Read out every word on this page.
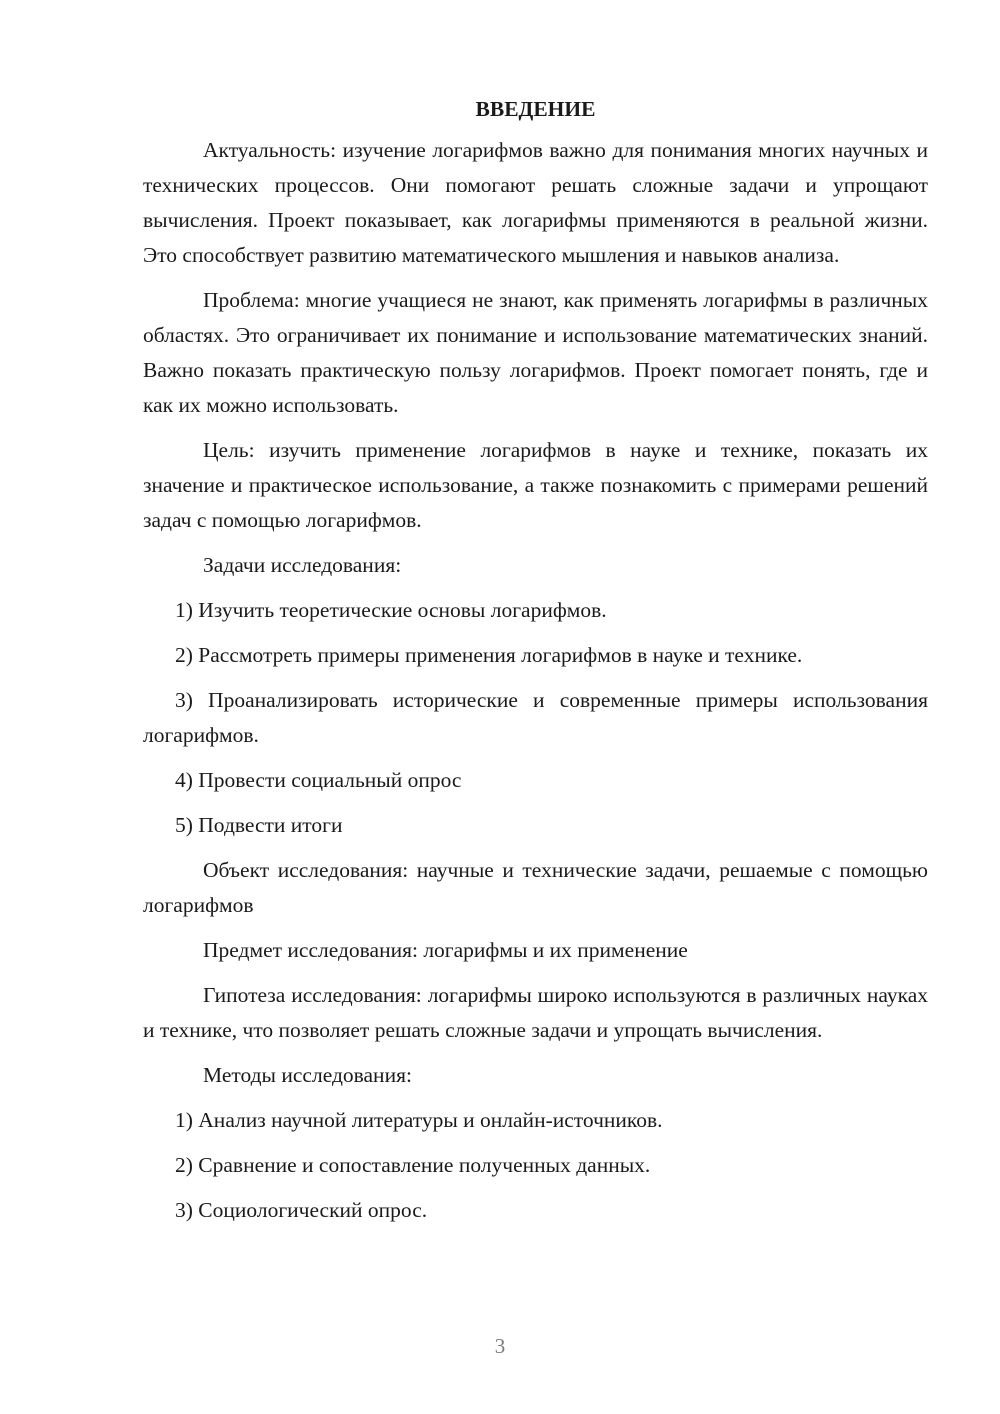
ВВЕДЕНИЕ

Актуальность: изучение логарифмов важно для понимания многих научных и технических процессов. Они помогают решать сложные задачи и упрощают вычисления. Проект показывает, как логарифмы применяются в реальной жизни. Это способствует развитию математического мышления и навыков анализа.

Проблема: многие учащиеся не знают, как применять логарифмы в различных областях. Это ограничивает их понимание и использование математических знаний. Важно показать практическую пользу логарифмов. Проект помогает понять, где и как их можно использовать.

Цель: изучить применение логарифмов в науке и технике, показать их значение и практическое использование, а также познакомить с примерами решений задач с помощью логарифмов.

Задачи исследования:

1) Изучить теоретические основы логарифмов.

2) Рассмотреть примеры применения логарифмов в науке и технике.

3) Проанализировать исторические и современные примеры использования логарифмов.

4) Провести социальный опрос

5) Подвести итоги

Объект исследования: научные и технические задачи, решаемые с помощью логарифмов

Предмет исследования: логарифмы и их применение

Гипотеза исследования: логарифмы широко используются в различных науках и технике, что позволяет решать сложные задачи и упрощать вычисления.

Методы исследования:

1) Анализ научной литературы и онлайн-источников.

2) Сравнение и сопоставление полученных данных.

3) Социологический опрос.

3
